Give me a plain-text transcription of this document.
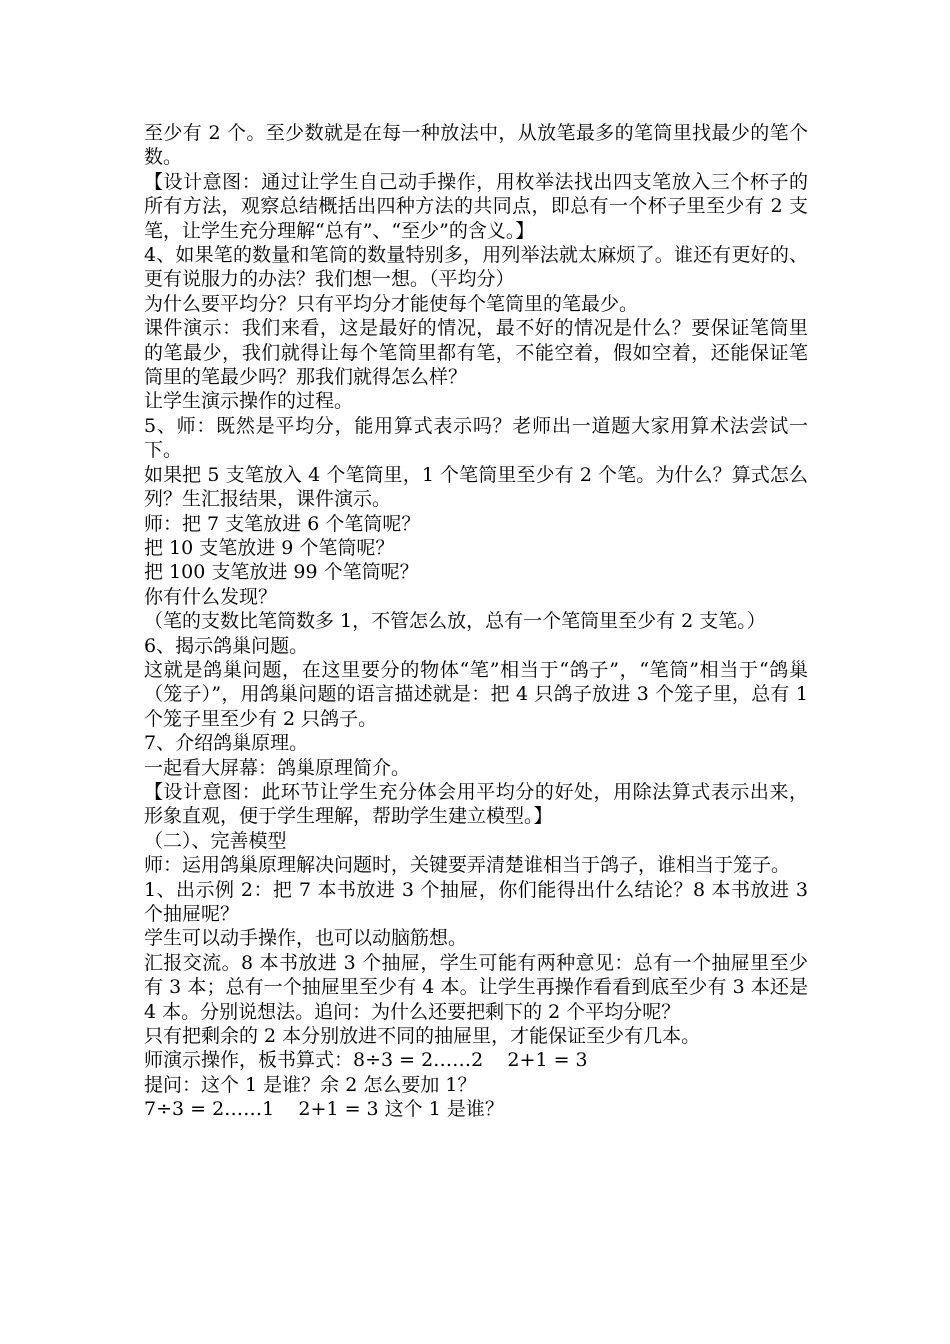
至少有 2 个。至少数就是在每一种放法中，从放笔最多的笔筒里找最少的笔个数。

【设计意图：通过让学生自己动手操作，用枚举法找出四支笔放入三个杯子的所有方法，观察总结概括出四种方法的共同点，即总有一个杯子里至少有 2 支笔，让学生充分理解“总有”、“至少”的含义。】

4、如果笔的数量和笔筒的数量特别多，用列举法就太麻烦了。谁还有更好的、更有说服力的办法？我们想一想。（平均分）

为什么要平均分？只有平均分才能使每个笔筒里的笔最少。

课件演示：我们来看，这是最好的情况，最不好的情况是什么？要保证笔筒里的笔最少，我们就得让每个笔筒里都有笔，不能空着，假如空着，还能保证笔筒里的笔最少吗？那我们就得怎么样？

让学生演示操作的过程。

5、师：既然是平均分，能用算式表示吗？老师出一道题大家用算术法尝试一下。

如果把 5 支笔放入 4 个笔筒里，1 个笔筒里至少有 2 个笔。为什么？算式怎么列？生汇报结果，课件演示。

师：把 7 支笔放进 6 个笔筒呢？

把 10 支笔放进 9 个笔筒呢？

把 100 支笔放进 99 个笔筒呢？

你有什么发现？

（笔的支数比笔筒数多 1，不管怎么放，总有一个笔筒里至少有 2 支笔。）

6、揭示鸽巢问题。

这就是鸽巢问题，在这里要分的物体“笔”相当于“鸽子”，“笔筒”相当于“鸽巢（笼子）”，用鸽巢问题的语言描述就是：把 4 只鸽子放进 3 个笼子里，总有 1 个笼子里至少有 2 只鸽子。

7、介绍鸽巢原理。

一起看大屏幕：鸽巢原理简介。

【设计意图：此环节让学生充分体会用平均分的好处，用除法算式表示出来，形象直观，便于学生理解，帮助学生建立模型。】

（二）、完善模型

师：运用鸽巢原理解决问题时，关键要弄清楚谁相当于鸽子，谁相当于笼子。

1、出示例 2：把 7 本书放进 3 个抽屉，你们能得出什么结论？8 本书放进 3 个抽屉呢？

学生可以动手操作，也可以动脑筋想。

汇报交流。8 本书放进 3 个抽屉，学生可能有两种意见：总有一个抽屉里至少有 3 本；总有一个抽屉里至少有 4 本。让学生再操作看看到底至少有 3 本还是 4 本。分别说想法。追问：为什么还要把剩下的 2 个平均分呢？

只有把剩余的 2 本分别放进不同的抽屉里，才能保证至少有几本。

师演示操作，板书算式：8÷3 = 2……2    2+1 = 3

提问：这个 1 是谁？余 2 怎么要加 1？

7÷3 = 2……1    2+1 = 3 这个 1 是谁？
